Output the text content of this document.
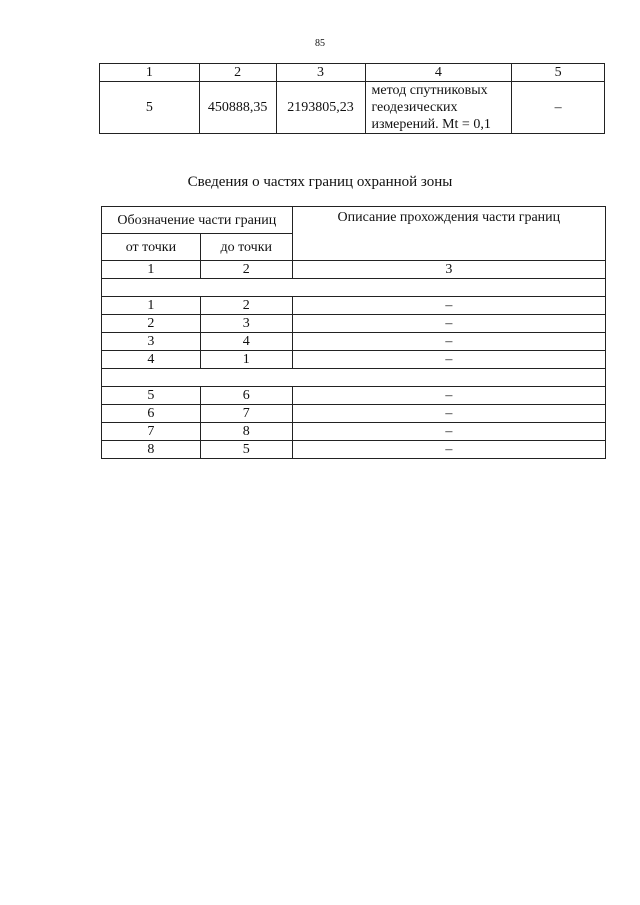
85
1	2	3	4	5
5	450888,35	2193805,23	метод спутниковых
геодезических
измерений. Mt = 0,1	–
Сведения о частях границ охранной зоны
Обозначение части границ		Описание прохождения части границ
от точки	до точки	
1	2	3

1	2	–
2	3	–
3	4	–
4	1	–

5	6	–
6	7	–
7	8	–
8	5	–
